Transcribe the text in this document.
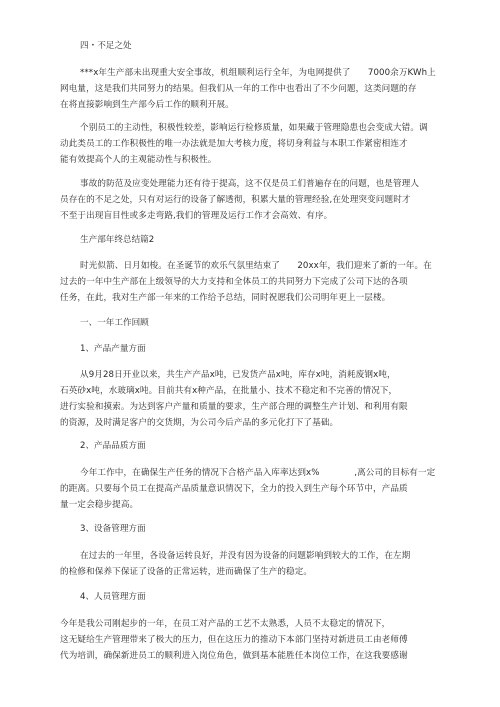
四・不足之处
***x年生产部未出现重大安全事故，机组顺利运行全年，为电网提供了　　7000余万KWh上
网电量，这是我们共同努力的结果。但我们从一年的工作中也看出了不少问题，这类问题的存
在将直接影响到生产部今后工作的顺利开展。
个别员工的主动性，积极性较差，影响运行检修质量，如果藏于管理隐患也会变成大错。调
动此类员工的工作积极性的唯一办法就是加大考核力度，将切身利益与本职工作紧密相连才
能有效提高个人的主观能动性与积极性。
事故的防范及应变处理能力还有待于提高，这不仅是员工们普遍存在的问题，也是管理人
员存在的不足之处，只有对运行的设备了解透彻，积累大量的管理经验,在处理突变问题时才
不至于出现盲目性或多走弯路,我们的管理及运行工作才会高效、有序。
生产部年终总结篇2
时光似箭、日月如梭。在圣诞节的欢乐气氛里结束了　　20xx年，我们迎来了新的一年。在
过去的一年中生产部在上级领导的大力支持和全体员工的共同努力下完成了公司下达的各项
任务，在此，我对生产部一年来的工作给予总结，同时祝愿我们公司明年更上一层楼。
一、一年工作回顾
1、产品产量方面
从9月28日开业以来，共生产产品x吨，已发货产品x吨，库存x吨，消耗废钢x吨，
石英砂x吨，水玻璃x吨。目前共有x种产品，在批量小、技术不稳定和不完善的情况下，
进行实验和摸索。为达到客户产量和质量的要求，生产部合理的调整生产计划、和利用有限
的资源，及时满足客户的交货期，为公司今后产品的多元化打下了基础。
2、产品品质方面
今年工作中，在确保生产任务的情况下合格产品入库率达到x%　　　　,离公司的目标有一定
的距离。只要每个员工在提高产品质量意识情况下，全力的投入到生产每个环节中，产品质
量一定会稳步提高。
3、设备管理方面
在过去的一年里，各设备运转良好，并没有因为设备的问题影响到较大的工作，在左期
的检修和保养下保证了设备的正常运转，进而确保了生产的稳定。
4、人员管理方面
今年是我公司刚起步的一年，在员工对产品的工艺不太熟悉，人员不太稳定的情况下，
这无疑给生产管理带来了极大的压力，但在这压力的推动下本部门坚持对新进员工由老师傅
代为培训，确保新进员工的顺利进入岗位角色，做到基本能胜任本岗位工作，在这我要感谢
